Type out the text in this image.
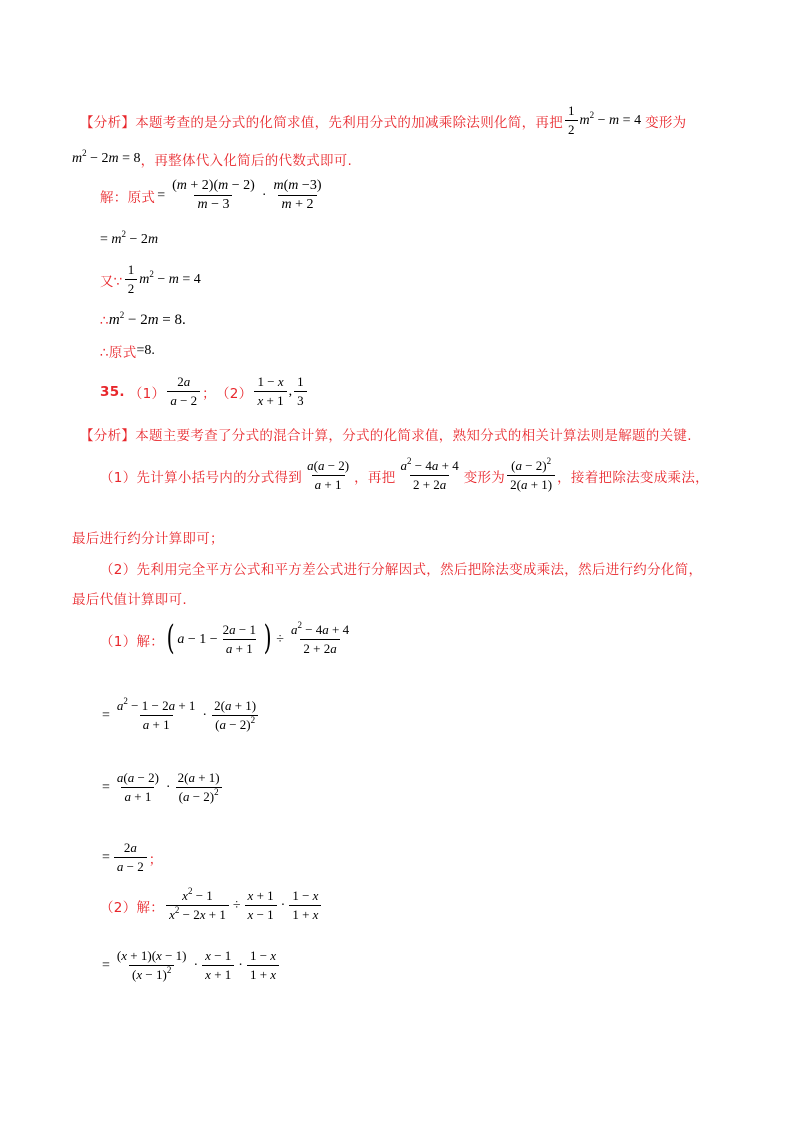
【分析】 本题考查的是分式的化简求值，先利用分式的加减乘除法则化简，再把 $\frac{1}{2} m^2 - m = 4$ 变形为
$m^2 - 2m = 8$ ，再整体代入化简后的代数式即可.
解：原式 = $\frac{(m + 2)(m - 2)}{m - 3} \cdot \frac{m(m -3)}{m + 2}$
= $m^2 - 2m$
又∵ $\frac{1}{2} m^2 - m = 4$
∴ $m^2 - 2m = 8$.
∴原式 = 8.
35. $(1) \frac{2a}{a - 2}$ ； $(2) \frac{1 - x}{x + 1}$ , $\frac{1}{3}$
【分析】 本题主要考查了分式的混合计算，分式的化简求值，熟知分式的相关计算法则是解题的关键.
（1）先计算小括号内的分式得到 $\frac{a(a - 2)}{a + 1}$ ，再把 $\frac{a^2 - 4a + 4}{2 + 2a}$ 变形为 $\frac{(a - 2)^2}{2(a + 1)}$ ，接着把除法变成乘法，
最后进行约分计算即可；
（2）先利用完全平方公式和平方差公式进行分解因式，然后把除法变成乘法，然后进行约分化简，
最后代值计算即可.
（1）解： ( $a - 1 - \frac{2a - 1}{a + 1}$ ) ÷ $\frac{a^2 - 4a + 4}{2 + 2a}$
= $\frac{a^2 - 1 - 2a + 1}{a + 1} \cdot \frac{2(a + 1)}{(a - 2)^2}$
= $\frac{a(a - 2)}{a + 1} \cdot \frac{2(a + 1)}{(a - 2)^2}$
= $\frac{2a}{a - 2}$ ；
（2）解： $\frac{x^2 - 1}{x^2 - 2x + 1} \div \frac{x + 1}{x - 1} \cdot \frac{1 - x}{1 + x}$
= $\frac{(x + 1)(x - 1)}{(x - 1)^2} \cdot \frac{x - 1}{x + 1} \cdot \frac{1 - x}{1 + x}$
